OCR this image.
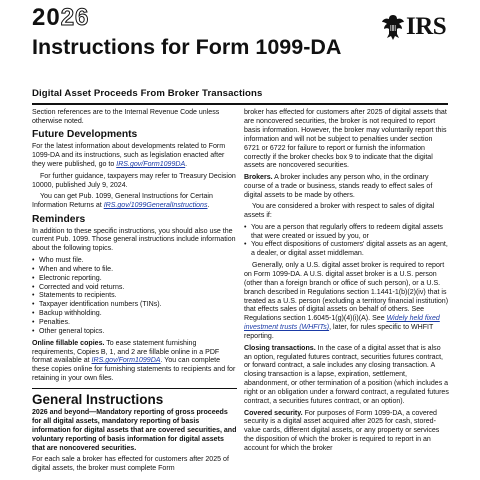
2026	IRS
Instructions for Form 1099-DA
Digital Asset Proceeds From Broker Transactions

Section references are to the Internal Revenue Code unless otherwise noted.

Future Developments

For the latest information about developments related to Form 1099-DA and its instructions, such as legislation enacted after they were published, go to IRS.gov/Form1099DA.

For further guidance, taxpayers may refer to Treasury Decision 10000, published July 9, 2024.

You can get Pub. 1099, General Instructions for Certain Information Returns at IRS.gov/1099GeneralInstructions.

Reminders

In addition to these specific instructions, you should also use the current Pub. 1099. Those general instructions include information about the following topics.

• Who must file.
• When and where to file.
• Electronic reporting.
• Corrected and void returns.
• Statements to recipients.
• Taxpayer identification numbers (TINs).
• Backup withholding.
• Penalties.
• Other general topics.

Online fillable copies. To ease statement furnishing requirements, Copies B, 1, and 2 are fillable online in a PDF format available at IRS.gov/Form1099DA. You can complete these copies online for furnishing statements to recipients and for retaining in your own files.

General Instructions

2026 and beyond—Mandatory reporting of gross proceeds for all digital assets, mandatory reporting of basis information for digital assets that are covered securities, and voluntary reporting of basis information for digital assets that are noncovered securities.

For each sale a broker has effected for customers after 2025 of digital assets, the broker must complete Form

broker has effected for customers after 2025 of digital assets that are noncovered securities, the broker is not required to report basis information. However, the broker may voluntarily report this information and will not be subject to penalties under section 6721 or 6722 for failure to report or furnish the information correctly if the broker checks box 9 to indicate that the digital assets are noncovered securities.

Brokers. A broker includes any person who, in the ordinary course of a trade or business, stands ready to effect sales of digital assets to be made by others.

You are considered a broker with respect to sales of digital assets if:

• You are a person that regularly offers to redeem digital assets that were created or issued by you, or
• You effect dispositions of customers' digital assets as an agent, a dealer, or digital asset middleman.

Generally, only a U.S. digital asset broker is required to report on Form 1099-DA. A U.S. digital asset broker is a U.S. person (other than a foreign branch or office of such person), or a U.S. branch described in Regulations section 1.1441-1(b)(2)(iv) that is treated as a U.S. person (excluding a territory financial institution) that effects sales of digital assets on behalf of others. See Regulations section 1.6045-1(g)(4)(i)(A). See Widely held fixed investment trusts (WHFITs), later, for rules specific to WHFIT reporting.

Closing transactions. In the case of a digital asset that is also an option, regulated futures contract, securities futures contract, or forward contract, a sale includes any closing transaction. A closing transaction is a lapse, expiration, settlement, abandonment, or other termination of a position (which includes a right or an obligation under a forward contract, a regulated futures contract, a securities futures contract, or an option).

Covered security. For purposes of Form 1099-DA, a covered security is a digital asset acquired after 2025 for cash, stored-value cards, different digital assets, or any property or services the disposition of which the broker is required to report in an account for which the broker
